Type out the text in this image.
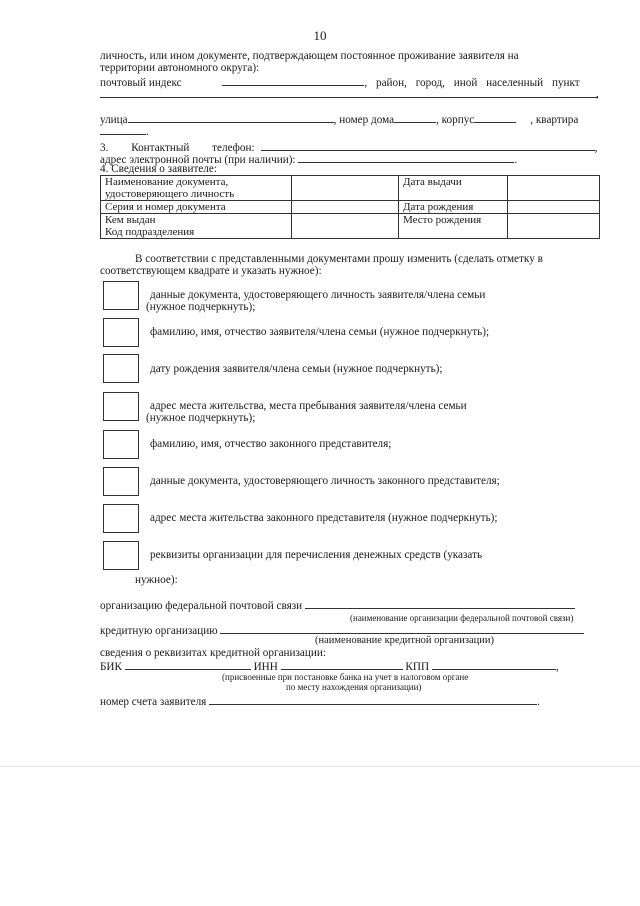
10
личность, или ином документе, подтверждающем постоянное проживание заявителя на
территории автономного округа):
почтовый индекс	, район, город, иной населенный пункт
,
улица	, номер дома	, корпус	, квартира
.
3. Контактный телефон:	,
адрес электронной почты (при наличии):	.
4. Сведения о заявителе:
Наименование документа,
удостоверяющего личность		Дата выдачи	
Серия и номер документа		Дата рождения	

Кем выдан
Код подразделения		Место рождения	
В соответствии с представленными документами прошу изменить (сделать отметку в
соответствующем квадрате и указать нужное):
данные документа, удостоверяющего личность заявителя/члена семьи
(нужное подчеркнуть);
фамилию, имя, отчество заявителя/члена семьи (нужное подчеркнуть);
дату рождения заявителя/члена семьи (нужное подчеркнуть);
адрес места жительства, места пребывания заявителя/члена семьи
(нужное подчеркнуть);
фамилию, имя, отчество законного представителя;
данные документа, удостоверяющего личность законного представителя;
адрес места жительства законного представителя (нужное подчеркнуть);
реквизиты организации для перечисления денежных средств (указать
нужное):
организацию федеральной почтовой связи
(наименование организации федеральной почтовой связи)
кредитную организацию
(наименование кредитной организации)
сведения о реквизитах кредитной организации:
БИК	ИНН	КПП	,
(присвоенные при постановке банка на учет в налоговом органе
по месту нахождения организации)
номер счета заявителя	.
